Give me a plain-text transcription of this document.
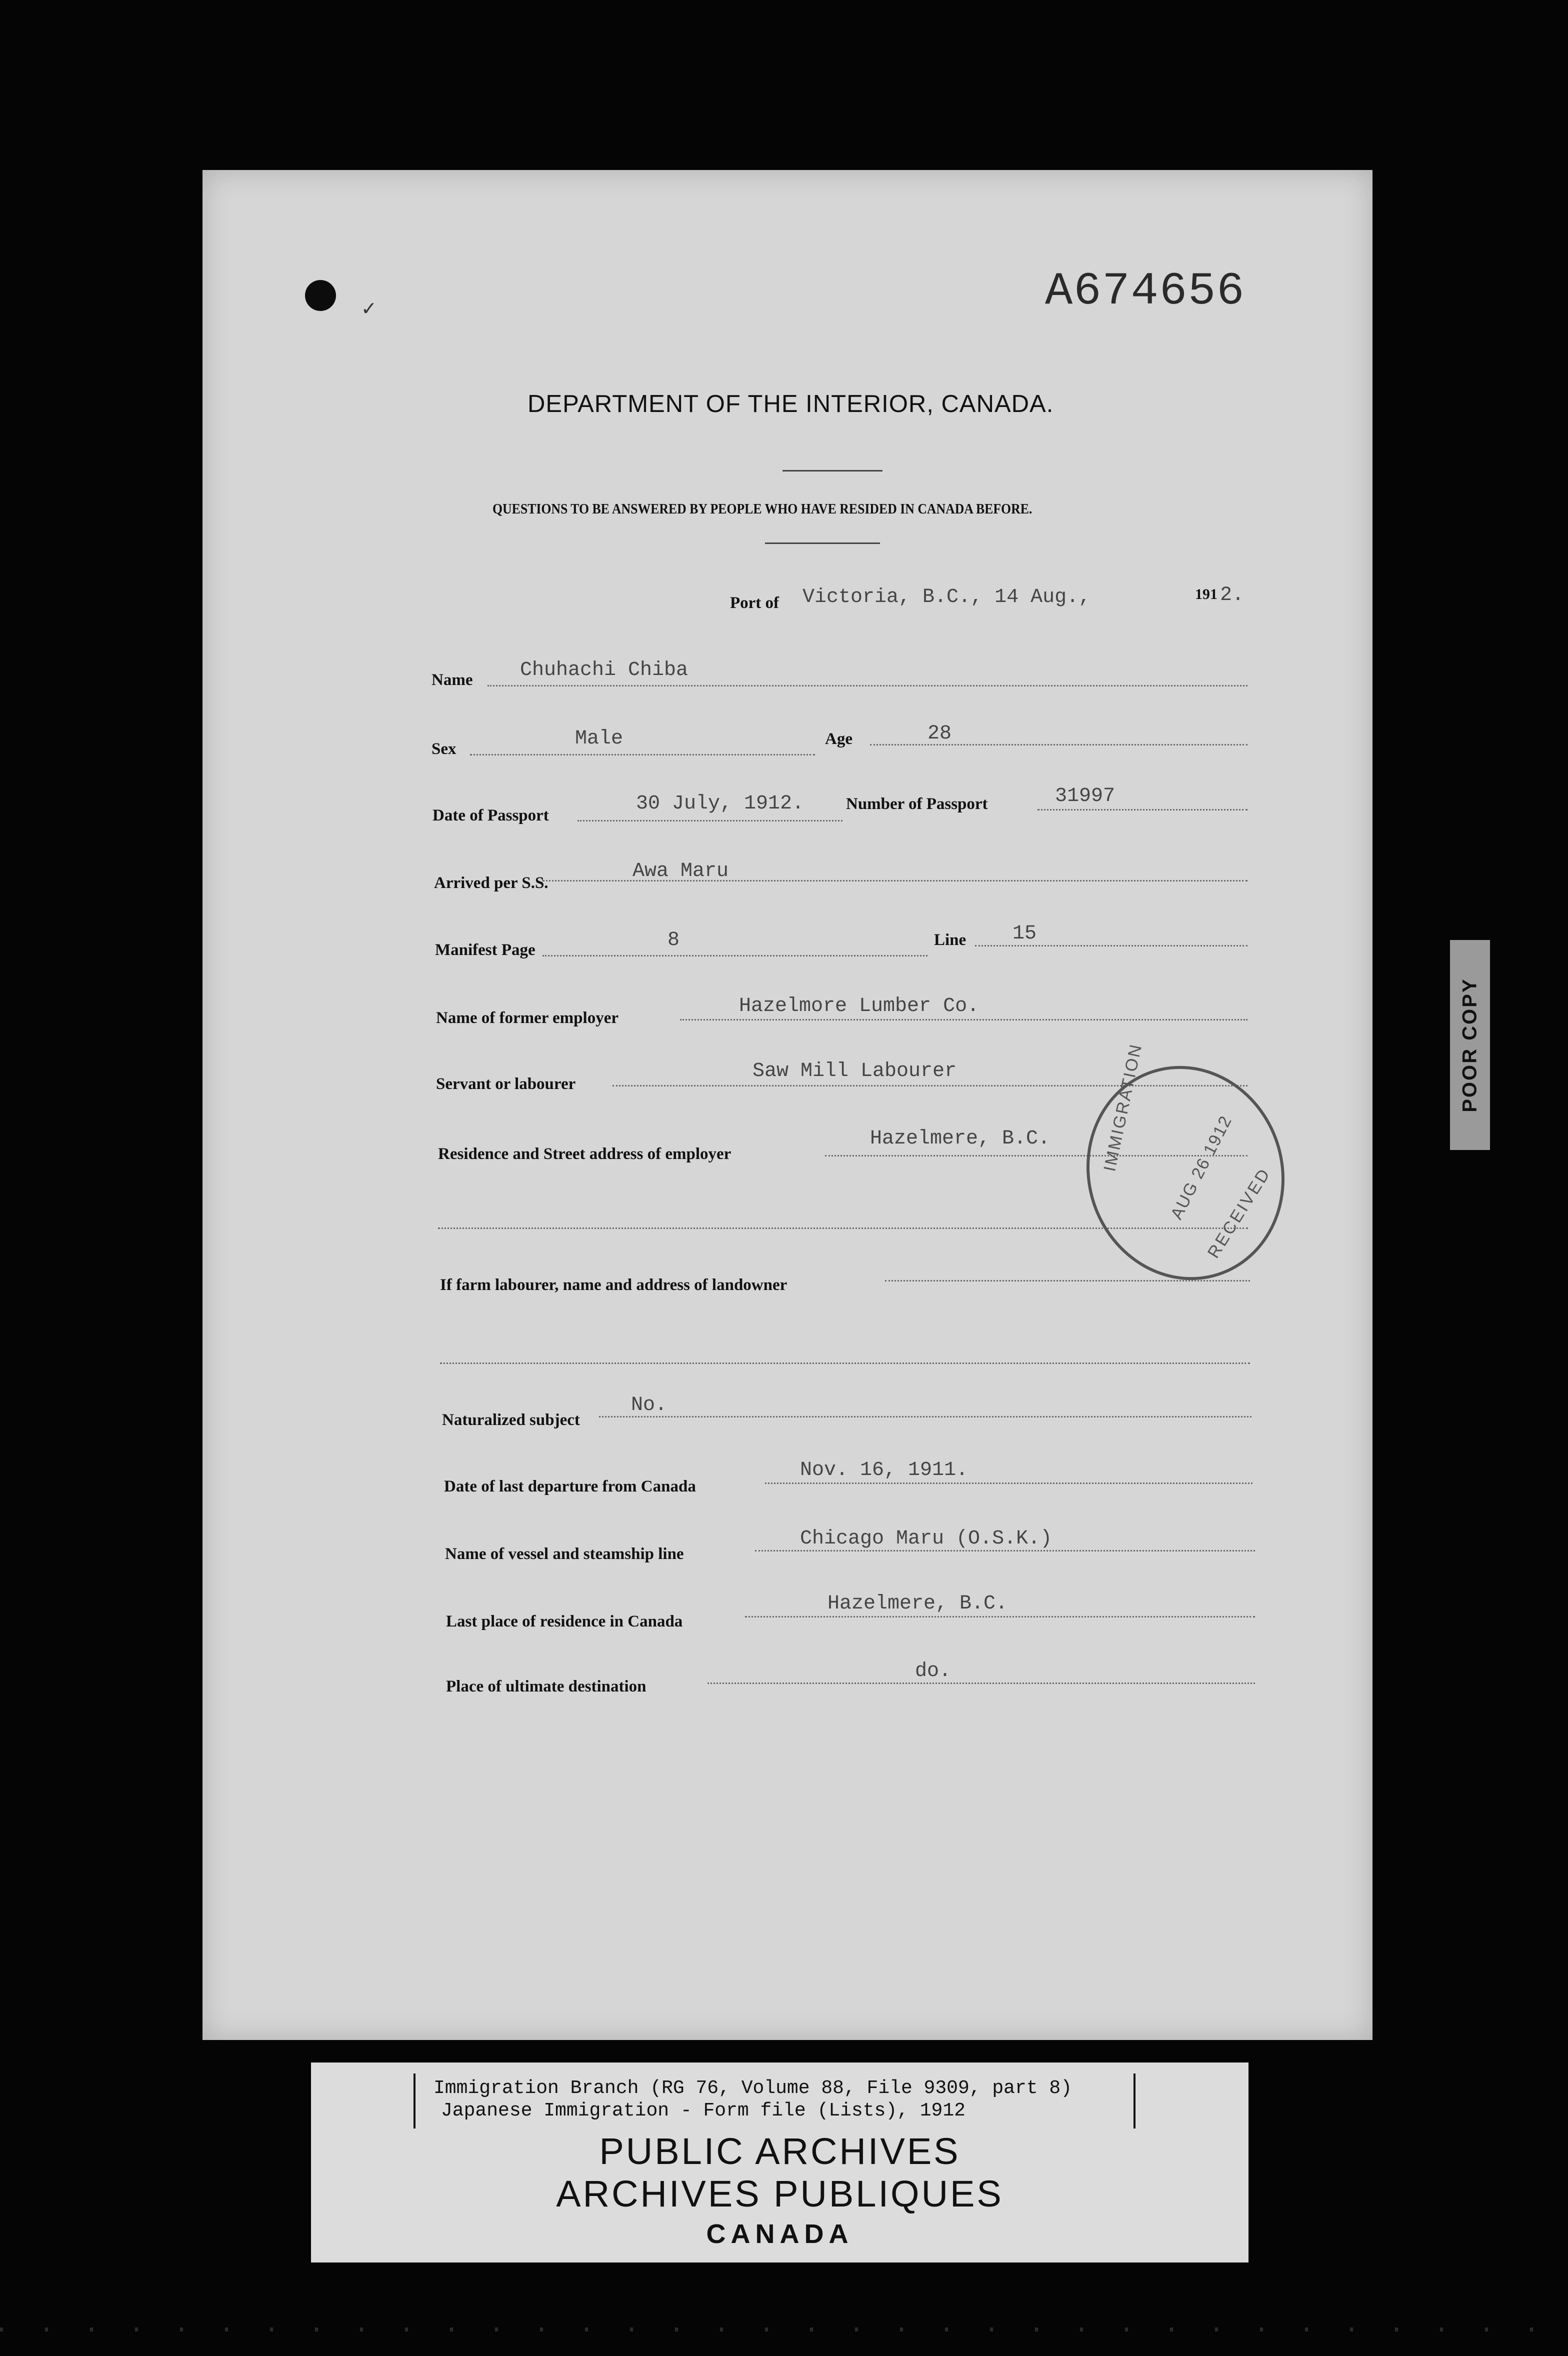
✓	A674656
DEPARTMENT OF THE INTERIOR, CANADA.
QUESTIONS TO BE ANSWERED BY PEOPLE WHO HAVE RESIDED IN CANADA BEFORE.
Port of Victoria, B.C., 14 Aug.,	191 2.
Name Chuhachi Chiba
Sex	Male	Age	28
Date of Passport
30 July, 1912.	Number of Passport	31997
Arrived per S.S.
Awa Maru
Manifest Page	8	Line 15
Name of former employer
Hazelmore Lumber Co.
Servant or labourer
Saw Mill Labourer
Residence and Street address of employer
Hazelmere, B.C.
If farm labourer, name and address of landowner
Naturalized subject
No.
Date of last departure from Canada
Nov. 16, 1911.
Name of vessel and steamship line
Chicago Maru (O.S.K.)
Last place of residence in Canada
Hazelmere, B.C.
Place of ultimate destination
do.
IMMIGRATION AUG 26 1912
RECEIVED
POOR COPY
Immigration Branch (RG 76, Volume 88, File 9309, part 8)
Japanese Immigration - Form file (Lists), 1912
PUBLIC ARCHIVES
ARCHIVES PUBLIQUES
CANADA
